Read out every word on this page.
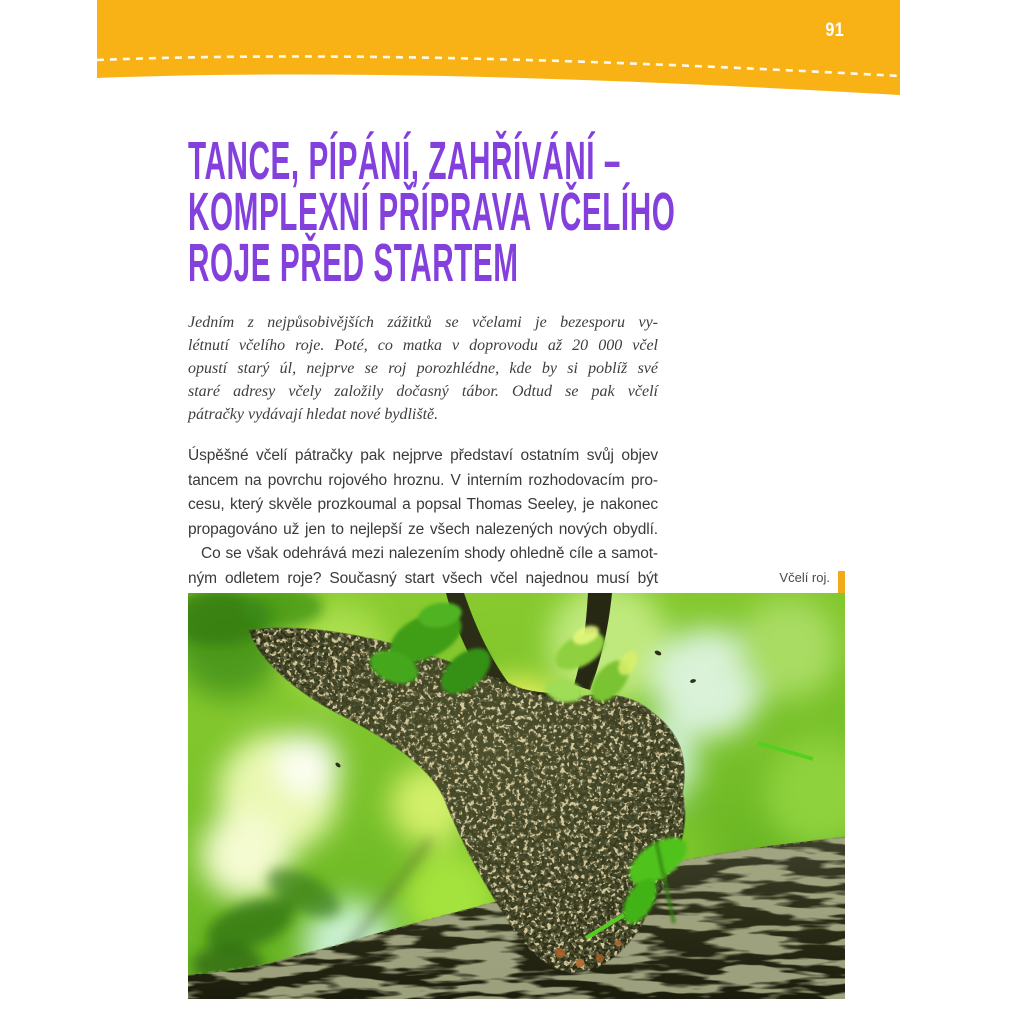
91
TANCE, PÍPÁNÍ, ZAHŘÍVÁNÍ –
KOMPLEXNÍ PŘÍPRAVA VČELÍHO
ROJE PŘED STARTEM
Jedním z nejpůsobivějších zážitků se včelami je bezesporu vy-
létnutí včelího roje. Poté, co matka v doprovodu až 20 000 včel
opustí starý úl, nejprve se roj porozhlédne, kde by si poblíž své
staré adresy včely založily dočasný tábor. Odtud se pak včelí
pátračky vydávají hledat nové bydliště.
Úspěšné včelí pátračky pak nejprve představí ostatním svůj objev
tancem na povrchu rojového hroznu. V interním rozhodovacím pro-
cesu, který skvěle prozkoumal a popsal Thomas Seeley, je nakonec
propagováno už jen to nejlepší ze všech nalezených nových obydlí.
Co se však odehrává mezi nalezením shody ohledně cíle a samot-
ným odletem roje? Současný start všech včel najednou musí být	Včelí roj.
